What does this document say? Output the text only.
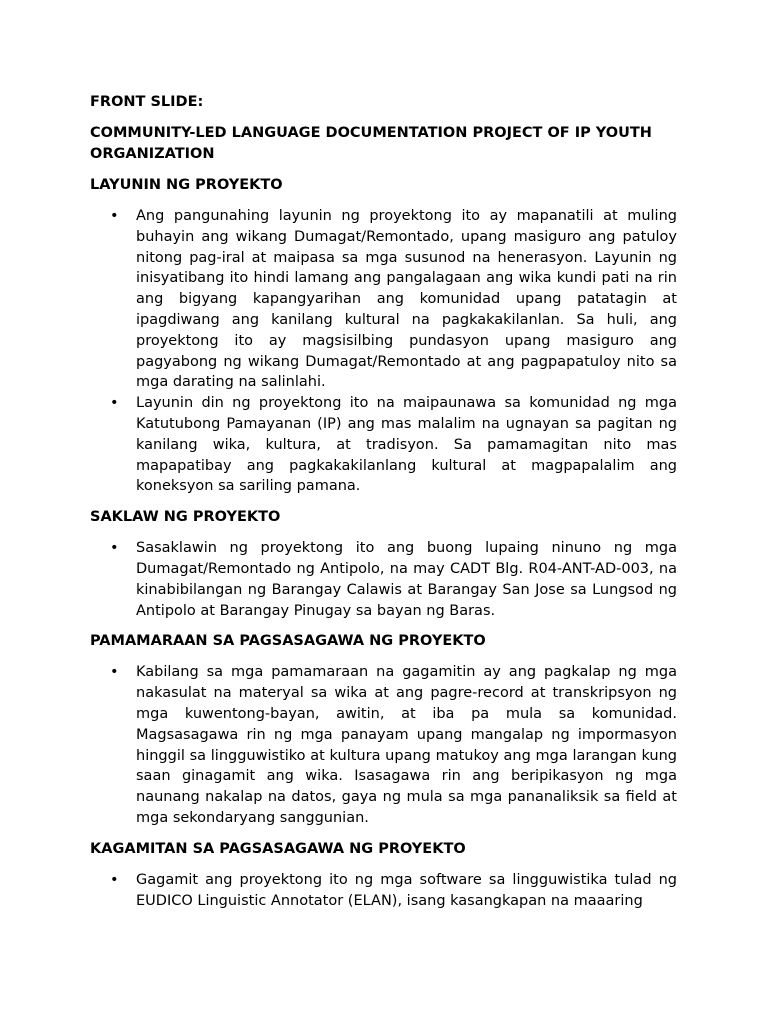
FRONT SLIDE:
COMMUNITY-LED LANGUAGE DOCUMENTATION PROJECT OF IP YOUTH ORGANIZATION
LAYUNIN NG PROYEKTO
• Ang pangunahing layunin ng proyektong ito ay mapanatili at muling buhayin ang wikang Dumagat/Remontado, upang masiguro ang patuloy nitong pag-iral at maipasa sa mga susunod na henerasyon. Layunin ng inisyatibang ito hindi lamang ang pangalagaan ang wika kundi pati na rin ang bigyang kapangyarihan ang komunidad upang patatagin at ipagdiwang ang kanilang kultural na pagkakakilanlan. Sa huli, ang proyektong ito ay magsisilbing pundasyon upang masiguro ang pagyabong ng wikang Dumagat/Remontado at ang pagpapatuloy nito sa mga darating na salinlahi.
• Layunin din ng proyektong ito na maipaunawa sa komunidad ng mga Katutubong Pamayanan (IP) ang mas malalim na ugnayan sa pagitan ng kanilang wika, kultura, at tradisyon. Sa pamamagitan nito mas mapapatibay ang pagkakakilanlang kultural at magpapalalim ang koneksyon sa sariling pamana.
SAKLAW NG PROYEKTO
• Sasaklawin ng proyektong ito ang buong lupaing ninuno ng mga Dumagat/Remontado ng Antipolo, na may CADT Blg. R04-ANT-AD-003, na kinabibilangan ng Barangay Calawis at Barangay San Jose sa Lungsod ng Antipolo at Barangay Pinugay sa bayan ng Baras.
PAMAMARAAN SA PAGSASAGAWA NG PROYEKTO
• Kabilang sa mga pamamaraan na gagamitin ay ang pagkalap ng mga nakasulat na materyal sa wika at ang pagre-record at transkripsyon ng mga kuwentong-bayan, awitin, at iba pa mula sa komunidad. Magsasagawa rin ng mga panayam upang mangalap ng impormasyon hinggil sa lingguwistiko at kultura upang matukoy ang mga larangan kung saan ginagamit ang wika. Isasagawa rin ang beripikasyon ng mga naunang nakalap na datos, gaya ng mula sa mga pananaliksik sa field at mga sekondaryang sanggunian.
KAGAMITAN SA PAGSASAGAWA NG PROYEKTO
• Gagamit ang proyektong ito ng mga software sa lingguwistika tulad ng EUDICO Linguistic Annotator (ELAN), isang kasangkapan na maaaring
